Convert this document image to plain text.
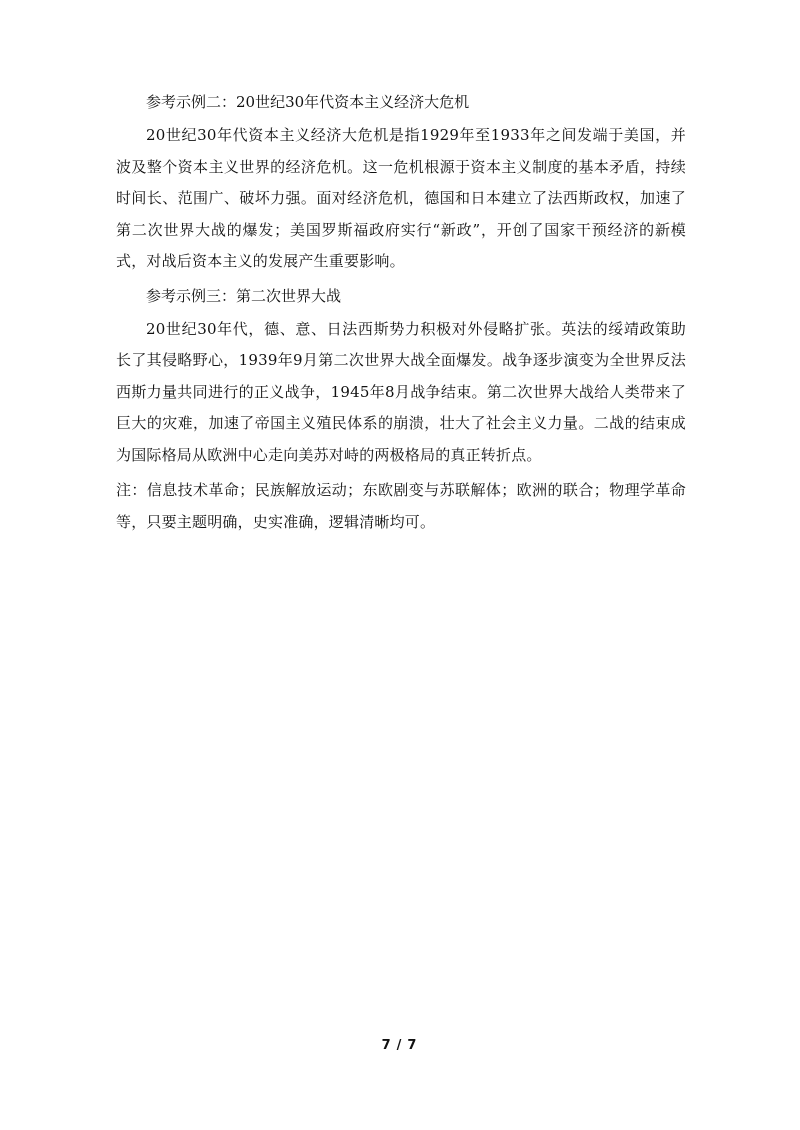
参考示例二：20世纪30年代资本主义经济大危机

20世纪30年代资本主义经济大危机是指1929年至1933年之间发端于美国，并波及整个资本主义世界的经济危机。这一危机根源于资本主义制度的基本矛盾，持续时间长、范围广、破坏力强。面对经济危机，德国和日本建立了法西斯政权，加速了第二次世界大战的爆发；美国罗斯福政府实行“新政”，开创了国家干预经济的新模式，对战后资本主义的发展产生重要影响。

参考示例三：第二次世界大战

20世纪30年代，德、意、日法西斯势力积极对外侵略扩张。英法的绥靖政策助长了其侵略野心，1939年9月第二次世界大战全面爆发。战争逐步演变为全世界反法西斯力量共同进行的正义战争，1945年8月战争结束。第二次世界大战给人类带来了巨大的灾难，加速了帝国主义殖民体系的崩溃，壮大了社会主义力量。二战的结束成为国际格局从欧洲中心走向美苏对峙的两极格局的真正转折点。

注：信息技术革命；民族解放运动；东欧剧变与苏联解体；欧洲的联合；物理学革命等，只要主题明确，史实准确，逻辑清晰均可。

7 / 7
